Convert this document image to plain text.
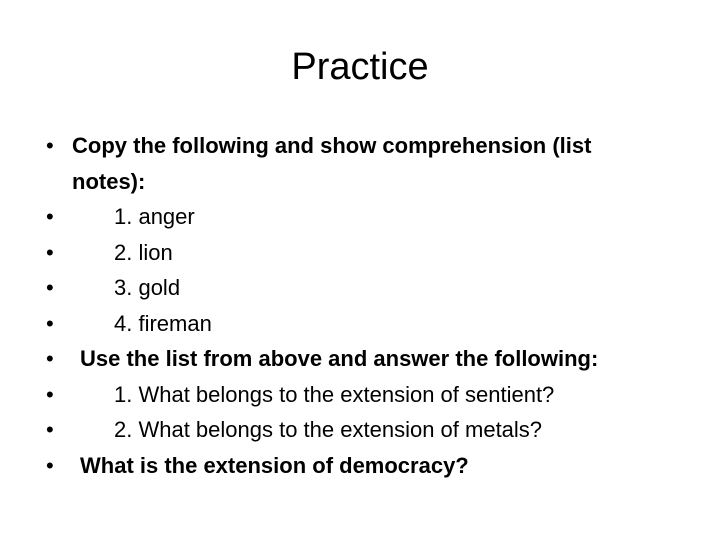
Practice
• Copy the following and show comprehension (list
notes):
•	1. anger
•	2. lion
•	3. gold
•	4. fireman
•	Use the list from above and answer the following:
•	1. What belongs to the extension of sentient?
•	2. What belongs to the extension of metals?
•	What is the extension of democracy?
